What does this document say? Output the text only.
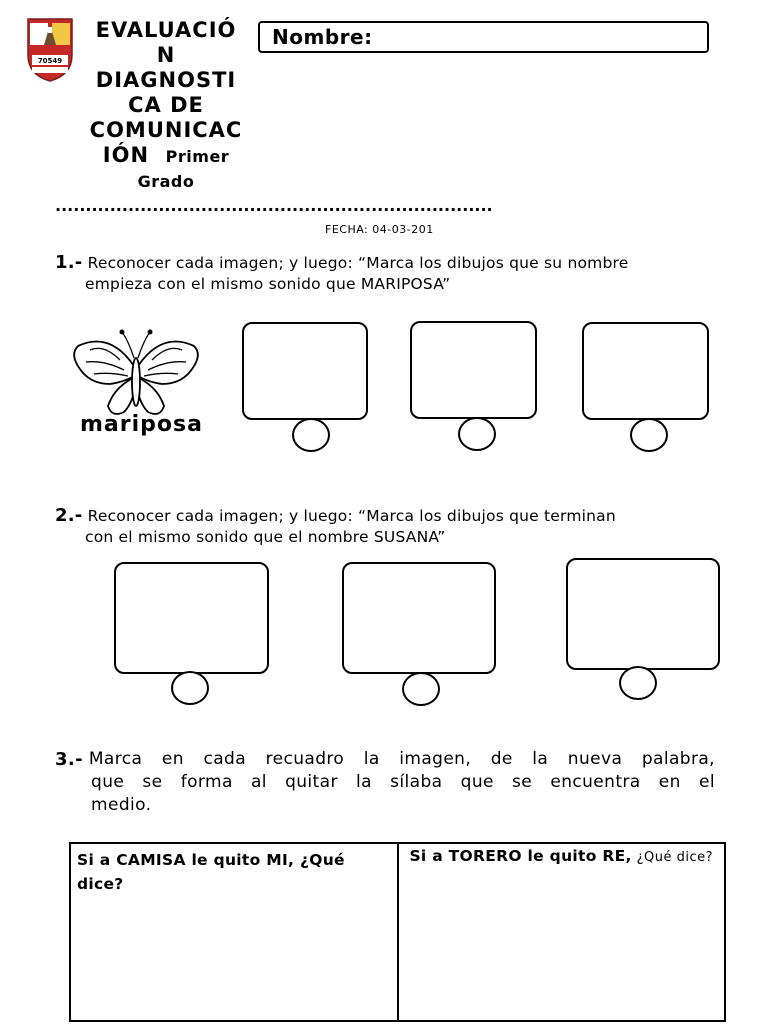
70549
EVALUACIÓ
N
DIAGNOSTI
CA DE
COMUNICAC
IÓN Primer
Grado
Nombre:
........................................................................
FECHA: 04-03-201
1.- Reconocer cada imagen; y luego: “Marca los dibujos que su nombre
empieza con el mismo sonido que MARIPOSA”
mariposa
2.- Reconocer cada imagen; y luego: “Marca los dibujos que terminan
con el mismo sonido que el nombre SUSANA”
3.-
Marca en cada recuadro la imagen, de la nueva palabra,
que se forma al quitar la sílaba que se encuentra en el
medio.
Si a CAMISA le quito MI, ¿Qué dice?
Si a TORERO le quito RE, ¿Qué dice?
